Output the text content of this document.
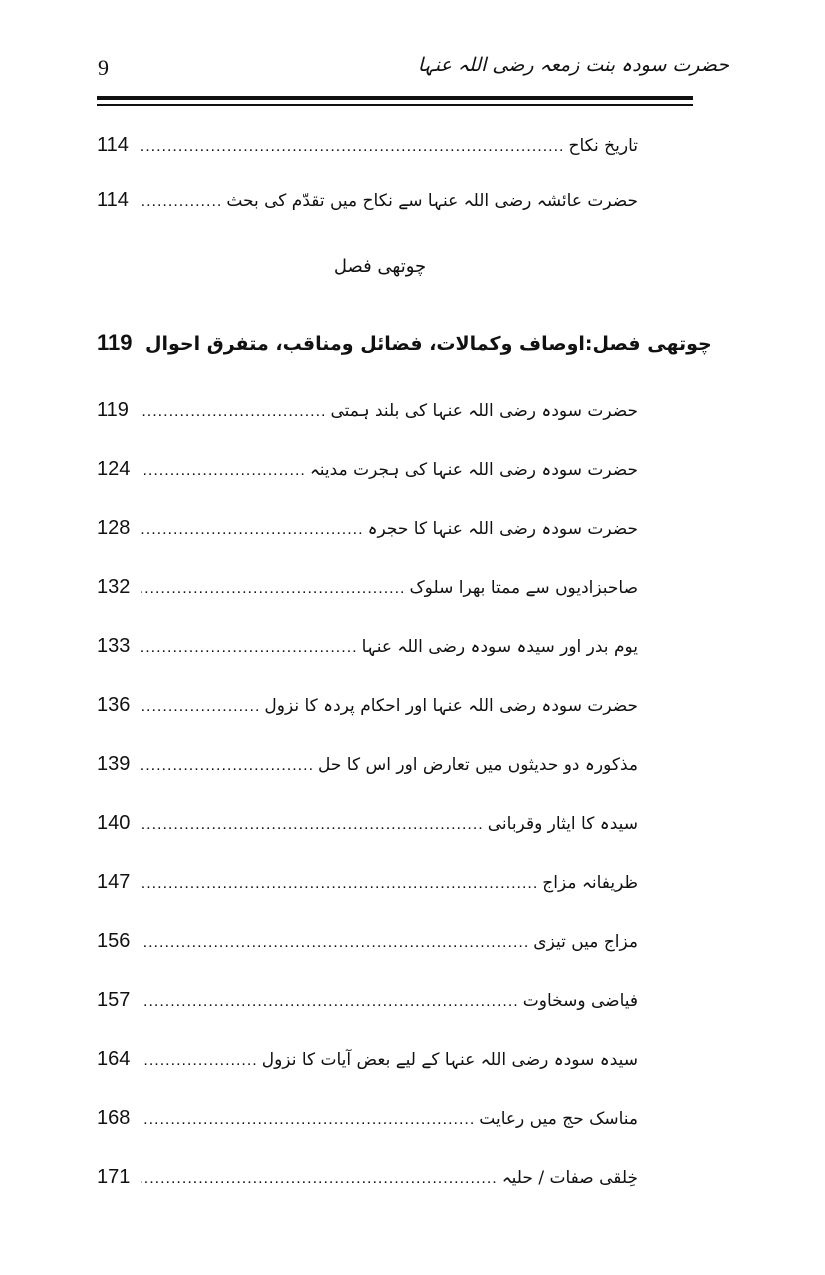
9	حضرت سودہ بنت زمعہ رضی اللہ عنہا
114 .....	تاریخ نکاح
114 .....	حضرت عائشہ رضی اللہ عنہا سے نکاح میں تقدّم کی بحث
چوتھی فصل
119 چوتھی فصل:اوصاف وکمالات، فضائل ومناقب، متفرق احوال
119 .....	حضرت سودہ رضی اللہ عنہا کی بلند ہمتی
124 .....	حضرت سودہ رضی اللہ عنہا کی ہجرت مدینہ
128 .....	حضرت سودہ رضی اللہ عنہا کا حجرہ
132 .....	صاحبزادیوں سے ممتا بھرا سلوک
133 .....	یوم بدر اور سیدہ سودہ رضی اللہ عنہا
136 .....	حضرت سودہ رضی اللہ عنہا اور احکام پردہ کا نزول
139 .....	مذکورہ دو حدیثوں میں تعارض اور اس کا حل
140 .....	سیدہ کا ایثار وقربانی
147 .....	ظریفانہ مزاج
156 .....	مزاج میں تیزی
157 .....	فیاضی وسخاوت
164 .....	سیدہ سودہ رضی اللہ عنہا کے لیے بعض آیات کا نزول
168 .....	مناسک حج میں رعایت
171 .....	خِلقی صفات / حلیہ
